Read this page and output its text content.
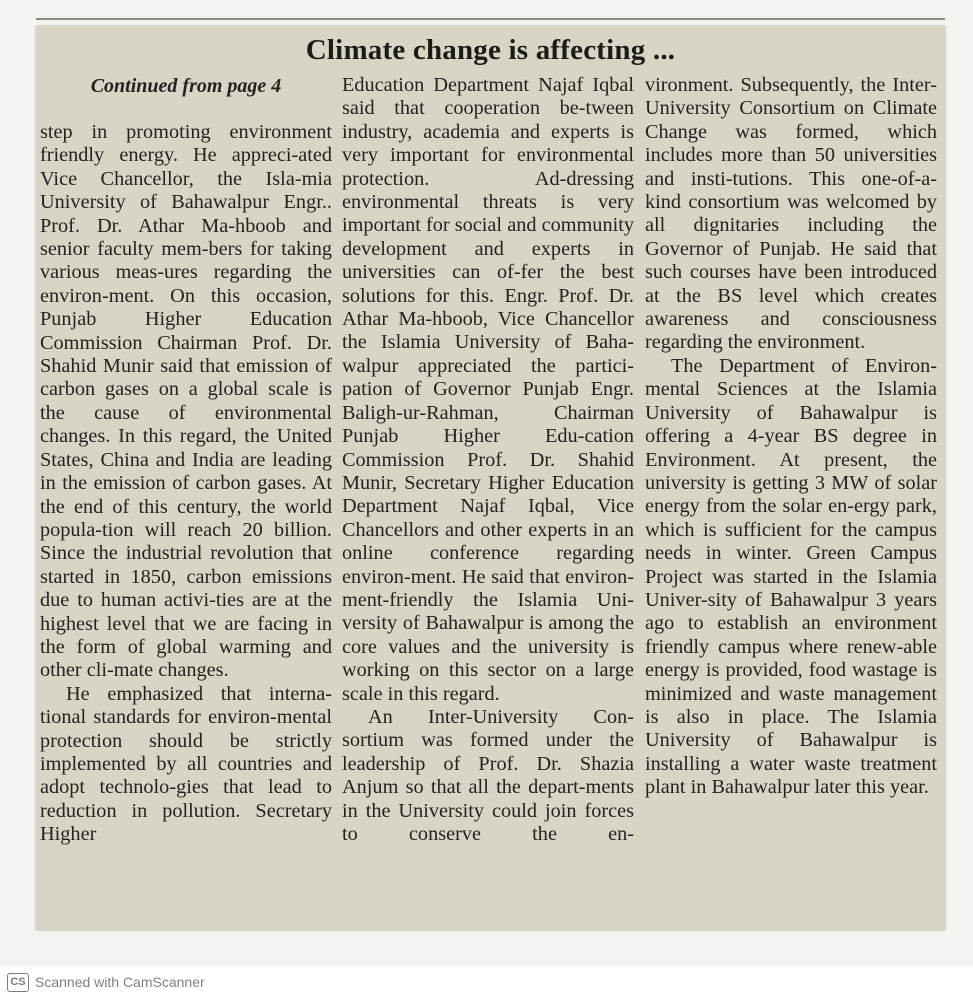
Climate change is affecting ...

Continued from page 4

step in promoting environment friendly energy. He appreci-ated Vice Chancellor, the Isla-mia University of Bahawalpur Engr.. Prof. Dr. Athar Ma-hboob and senior faculty mem-bers for taking various meas-ures regarding the environ-ment. On this occasion, Punjab Higher Education Commission Chairman Prof. Dr. Shahid Munir said that emission of carbon gases on a global scale is the cause of environmental changes. In this regard, the United States, China and India are leading in the emission of carbon gases. At the end of this century, the world popula-tion will reach 20 billion. Since the industrial revolution that started in 1850, carbon emissions due to human activi-ties are at the highest level that we are facing in the form of global warming and other cli-mate changes.

He emphasized that interna-tional standards for environ-mental protection should be strictly implemented by all countries and adopt technolo-gies that lead to reduction in pollution. Secretary Higher

Education Department Najaf Iqbal said that cooperation be-tween industry, academia and experts is very important for environmental protection. Ad-dressing environmental threats is very important for social and community development and experts in universities can of-fer the best solutions for this. Engr. Prof. Dr. Athar Ma-hboob, Vice Chancellor the Islamia University of Baha-walpur appreciated the partici-pation of Governor Punjab Engr. Baligh-ur-Rahman, Chairman Punjab Higher Edu-cation Commission Prof. Dr. Shahid Munir, Secretary Higher Education Department Najaf Iqbal, Vice Chancellors and other experts in an online conference regarding environ-ment. He said that environ-ment-friendly the Islamia Uni-versity of Bahawalpur is among the core values and the university is working on this sector on a large scale in this regard.

An Inter-University Con-sortium was formed under the leadership of Prof. Dr. Shazia Anjum so that all the depart-ments in the University could join forces to conserve the en-

vironment. Subsequently, the Inter-University Consortium on Climate Change was formed, which includes more than 50 universities and insti-tutions. This one-of-a-kind consortium was welcomed by all dignitaries including the Governor of Punjab. He said that such courses have been introduced at the BS level which creates awareness and consciousness regarding the environment.

The Department of Environ-mental Sciences at the Islamia University of Bahawalpur is offering a 4-year BS degree in Environment. At present, the university is getting 3 MW of solar energy from the solar en-ergy park, which is sufficient for the campus needs in winter. Green Campus Project was started in the Islamia Univer-sity of Bahawalpur 3 years ago to establish an environment friendly campus where renew-able energy is provided, food wastage is minimized and waste management is also in place. The Islamia University of Bahawalpur is installing a water waste treatment plant in Bahawalpur later this year.

CS Scanned with CamScanner
